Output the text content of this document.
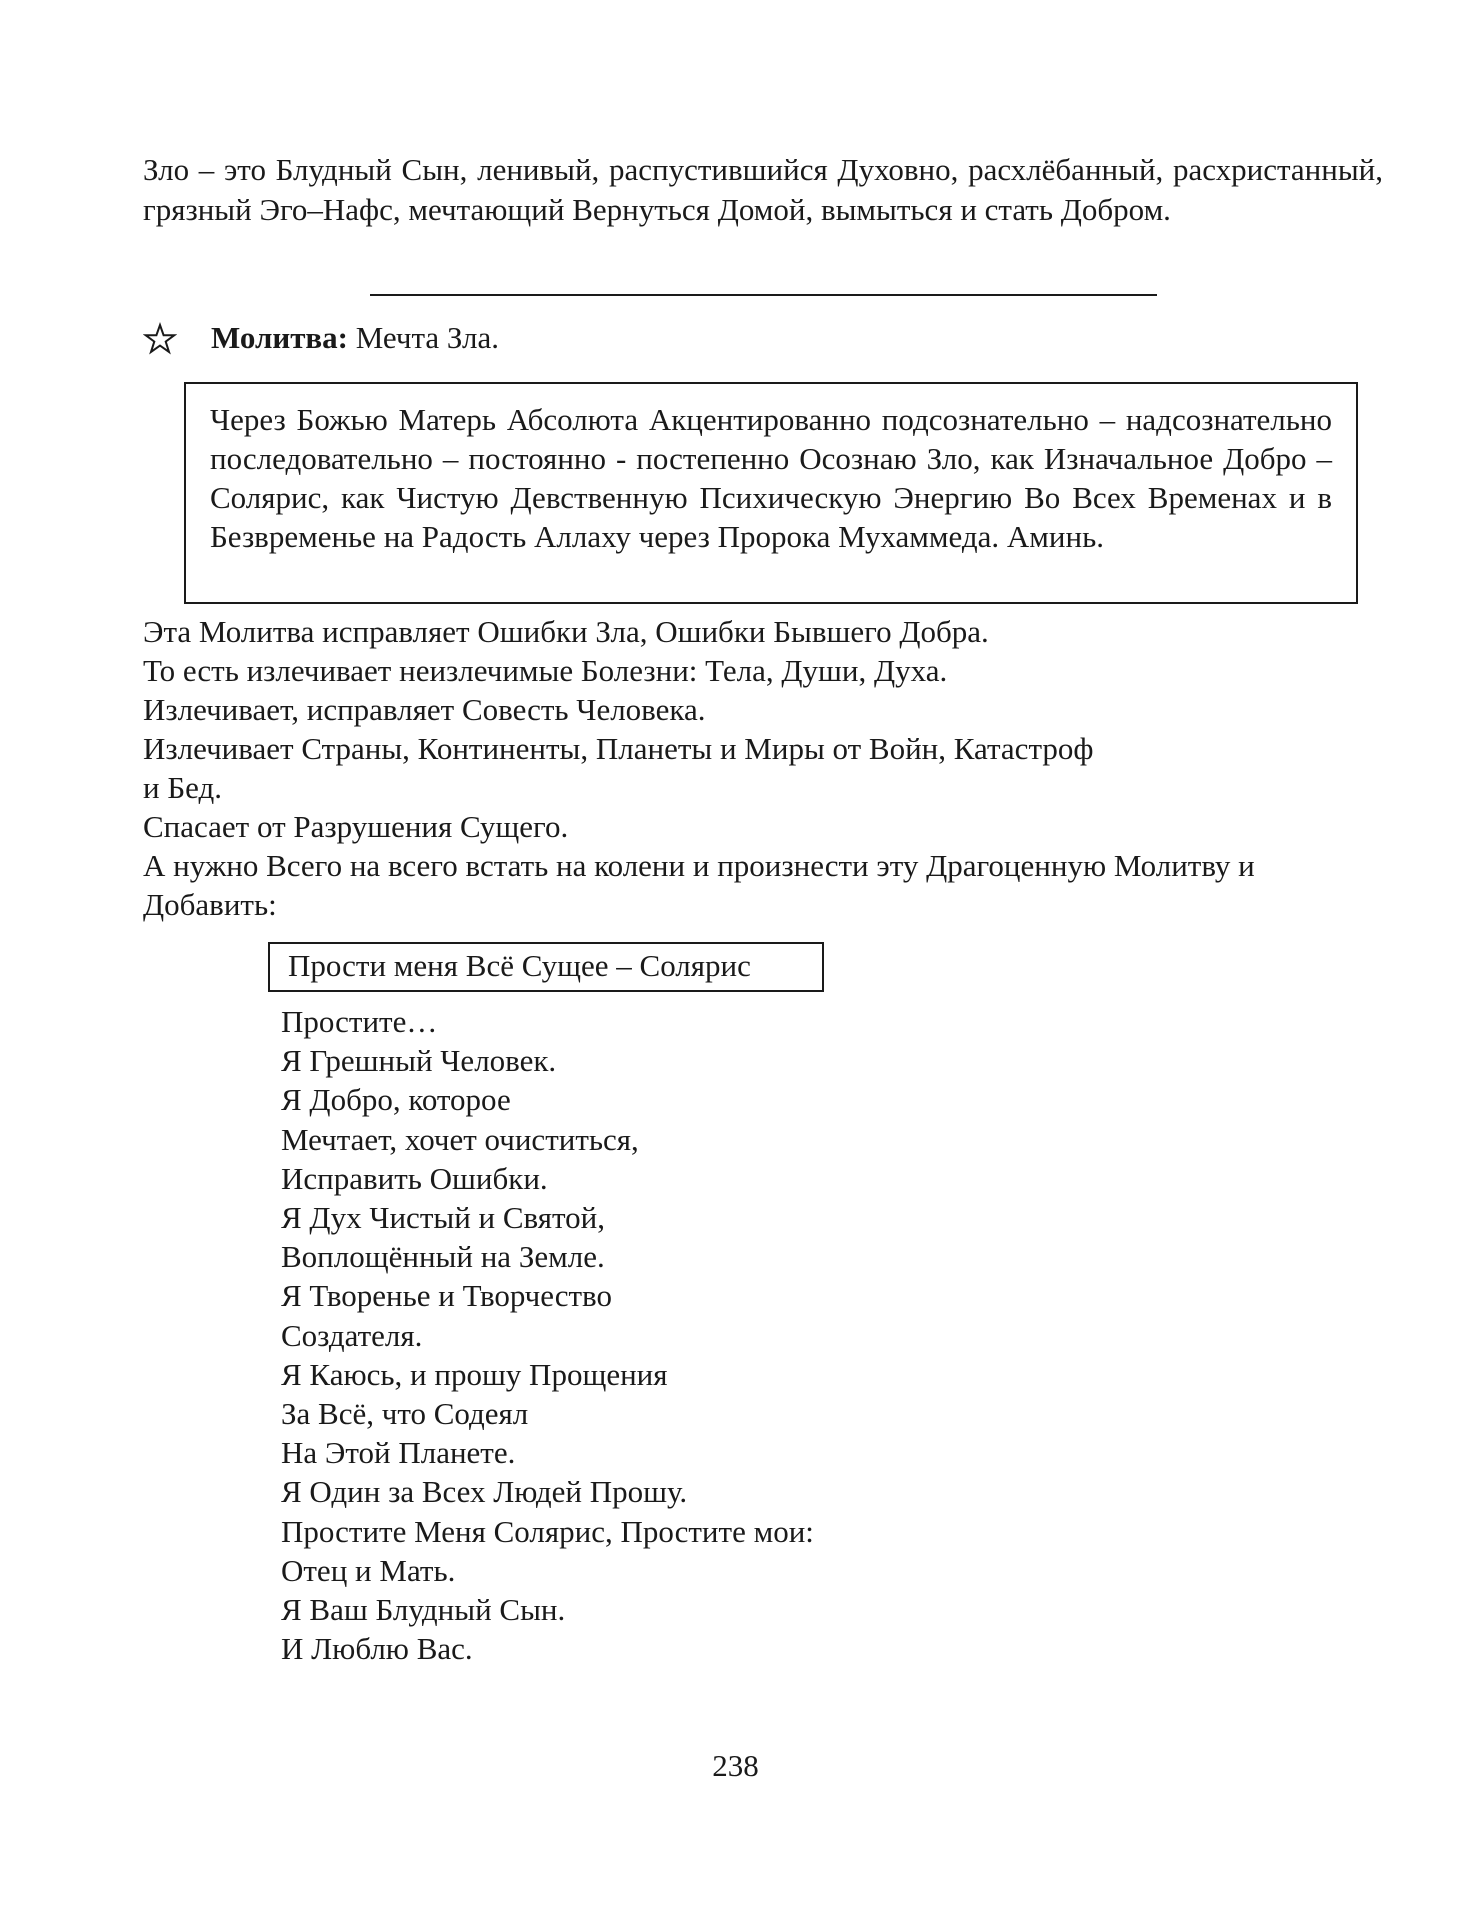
Зло – это Блудный Сын, ленивый, распустившийся Духовно, расхлёбанный, расхристанный, грязный Эго–Нафс, мечтающий Вернуться Домой, вымыться и стать Добром.

Молитва: Мечта Зла.
Через Божью Матерь Абсолюта Акцентированно подсознательно – надсознательно последовательно – постоянно - постепенно Осознаю Зло, как Изначальное Добро – Солярис, как Чистую Девственную Психическую Энергию Во Всех Временах и в Безвременье на Радость Аллаху через Пророка Мухаммеда. Аминь.
Эта Молитва исправляет Ошибки Зла, Ошибки Бывшего Добра.
То есть излечивает неизлечимые Болезни: Тела, Души, Духа.
Излечивает, исправляет Совесть Человека.
Излечивает Страны, Континенты, Планеты и Миры от Войн, Катастроф
и Бед.
Спасает от Разрушения Сущего.
А нужно Всего на всего встать на колени и произнести эту Драгоценную Молитву и
Добавить:
Прости меня Всё Сущее – Солярис
Простите…
Я Грешный Человек.
Я Добро, которое
Мечтает, хочет очиститься,
Исправить Ошибки.
Я Дух Чистый и Святой,
Воплощённый на Земле.
Я Творенье и Творчество
Создателя.
Я Каюсь, и прошу Прощения
За Всё, что Содеял
На Этой Планете.
Я Один за Всех Людей Прошу.
Простите Меня Солярис, Простите мои:
Отец и Мать.
Я Ваш Блудный Сын.
И Люблю Вас.
238
